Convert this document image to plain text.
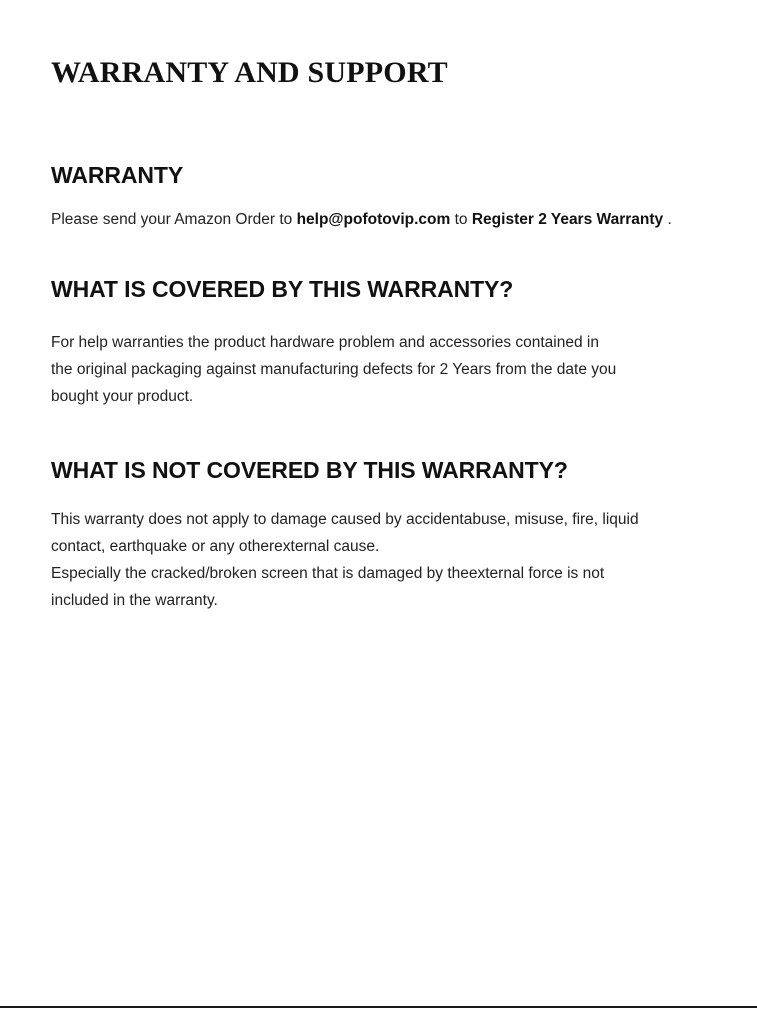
WARRANTY AND SUPPORT
WARRANTY

Please send your Amazon Order to help@pofotovip.com to Register 2 Years Warranty .

WHAT IS COVERED BY THIS WARRANTY?

For help warranties the product hardware problem and accessories contained in
the original packaging against manufacturing defects for 2 Years from the date you
bought your product.

WHAT IS NOT COVERED BY THIS WARRANTY?

This warranty does not apply to damage caused by accidentabuse, misuse, fire, liquid
contact, earthquake or any otherexternal cause.
Especially the cracked/broken screen that is damaged by theexternal force is not
included in the warranty.
